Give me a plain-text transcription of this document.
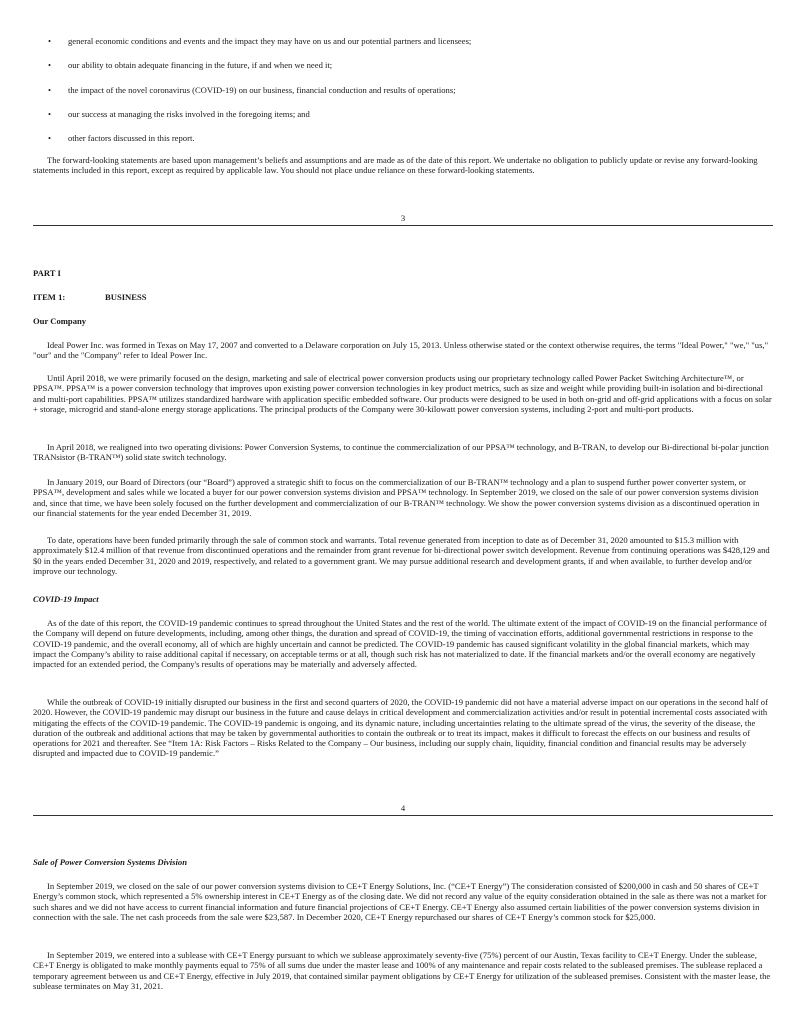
• general economic conditions and events and the impact they may have on us and our potential partners and licensees;
• our ability to obtain adequate financing in the future, if and when we need it;
• the impact of the novel coronavirus (COVID-19) on our business, financial conduction and results of operations;
• our success at managing the risks involved in the foregoing items; and
• other factors discussed in this report.

The forward-looking statements are based upon management’s beliefs and assumptions and are made as of the date of this report. We undertake no obligation to publicly update or revise any forward-looking statements included in this report, except as required by applicable law. You should not place undue reliance on these forward-looking statements.

3
PART I
ITEM 1:	BUSINESS
Our Company

Ideal Power Inc. was formed in Texas on May 17, 2007 and converted to a Delaware corporation on July 15, 2013. Unless otherwise stated or the context otherwise requires, the terms "Ideal Power," "we," "us," "our" and the "Company" refer to Ideal Power Inc.

Until April 2018, we were primarily focused on the design, marketing and sale of electrical power conversion products using our proprietary technology called Power Packet Switching Architecture™, or PPSA™. PPSA™ is a power conversion technology that improves upon existing power conversion technologies in key product metrics, such as size and weight while providing built-in isolation and bi-directional and multi-port capabilities. PPSA™ utilizes standardized hardware with application specific embedded software. Our products were designed to be used in both on-grid and off-grid applications with a focus on solar + storage, microgrid and stand-alone energy storage applications. The principal products of the Company were 30-kilowatt power conversion systems, including 2-port and multi-port products.

In April 2018, we realigned into two operating divisions: Power Conversion Systems, to continue the commercialization of our PPSA™ technology, and B-TRAN, to develop our Bi-directional bi-polar junction TRANsistor (B-TRAN™) solid state switch technology.

In January 2019, our Board of Directors (our “Board”) approved a strategic shift to focus on the commercialization of our B-TRAN™ technology and a plan to suspend further power converter system, or PPSA™, development and sales while we located a buyer for our power conversion systems division and PPSA™ technology. In September 2019, we closed on the sale of our power conversion systems division and, since that time, we have been solely focused on the further development and commercialization of our B-TRAN™ technology. We show the power conversion systems division as a discontinued operation in our financial statements for the year ended December 31, 2019.

To date, operations have been funded primarily through the sale of common stock and warrants. Total revenue generated from inception to date as of December 31, 2020 amounted to $15.3 million with approximately $12.4 million of that revenue from discontinued operations and the remainder from grant revenue for bi-directional power switch development. Revenue from continuing operations was $428,129 and $0 in the years ended December 31, 2020 and 2019, respectively, and related to a government grant. We may pursue additional research and development grants, if and when available, to further develop and/or improve our technology.

COVID-19 Impact

As of the date of this report, the COVID-19 pandemic continues to spread throughout the United States and the rest of the world. The ultimate extent of the impact of COVID-19 on the financial performance of the Company will depend on future developments, including, among other things, the duration and spread of COVID-19, the timing of vaccination efforts, additional governmental restrictions in response to the COVID-19 pandemic, and the overall economy, all of which are highly uncertain and cannot be predicted. The COVID-19 pandemic has caused significant volatility in the global financial markets, which may impact the Company’s ability to raise additional capital if necessary, on acceptable terms or at all, though such risk has not materialized to date. If the financial markets and/or the overall economy are negatively impacted for an extended period, the Company's results of operations may be materially and adversely affected.

While the outbreak of COVID-19 initially disrupted our business in the first and second quarters of 2020, the COVID-19 pandemic did not have a material adverse impact on our operations in the second half of 2020. However, the COVID-19 pandemic may disrupt our business in the future and cause delays in critical development and commercialization activities and/or result in potential incremental costs associated with mitigating the effects of the COVID-19 pandemic. The COVID-19 pandemic is ongoing, and its dynamic nature, including uncertainties relating to the ultimate spread of the virus, the severity of the disease, the duration of the outbreak and additional actions that may be taken by governmental authorities to contain the outbreak or to treat its impact, makes it difficult to forecast the effects on our business and results of operations for 2021 and thereafter. See “Item 1A: Risk Factors – Risks Related to the Company – Our business, including our supply chain, liquidity, financial condition and financial results may be adversely disrupted and impacted due to COVID-19 pandemic.”

4
Sale of Power Conversion Systems Division

In September 2019, we closed on the sale of our power conversion systems division to CE+T Energy Solutions, Inc. (“CE+T Energy”) The consideration consisted of $200,000 in cash and 50 shares of CE+T Energy’s common stock, which represented a 5% ownership interest in CE+T Energy as of the closing date. We did not record any value of the equity consideration obtained in the sale as there was not a market for such shares and we did not have access to current financial information and future financial projections of CE+T Energy. CE+T Energy also assumed certain liabilities of the power conversion systems division in connection with the sale. The net cash proceeds from the sale were $23,587. In December 2020, CE+T Energy repurchased our shares of CE+T Energy’s common stock for $25,000.

In September 2019, we entered into a sublease with CE+T Energy pursuant to which we sublease approximately seventy-five (75%) percent of our Austin, Texas facility to CE+T Energy. Under the sublease, CE+T Energy is obligated to make monthly payments equal to 75% of all sums due under the master lease and 100% of any maintenance and repair costs related to the subleased premises. The sublease replaced a temporary agreement between us and CE+T Energy, effective in July 2019, that contained similar payment obligations by CE+T Energy for utilization of the subleased premises. Consistent with the master lease, the sublease terminates on May 31, 2021.
